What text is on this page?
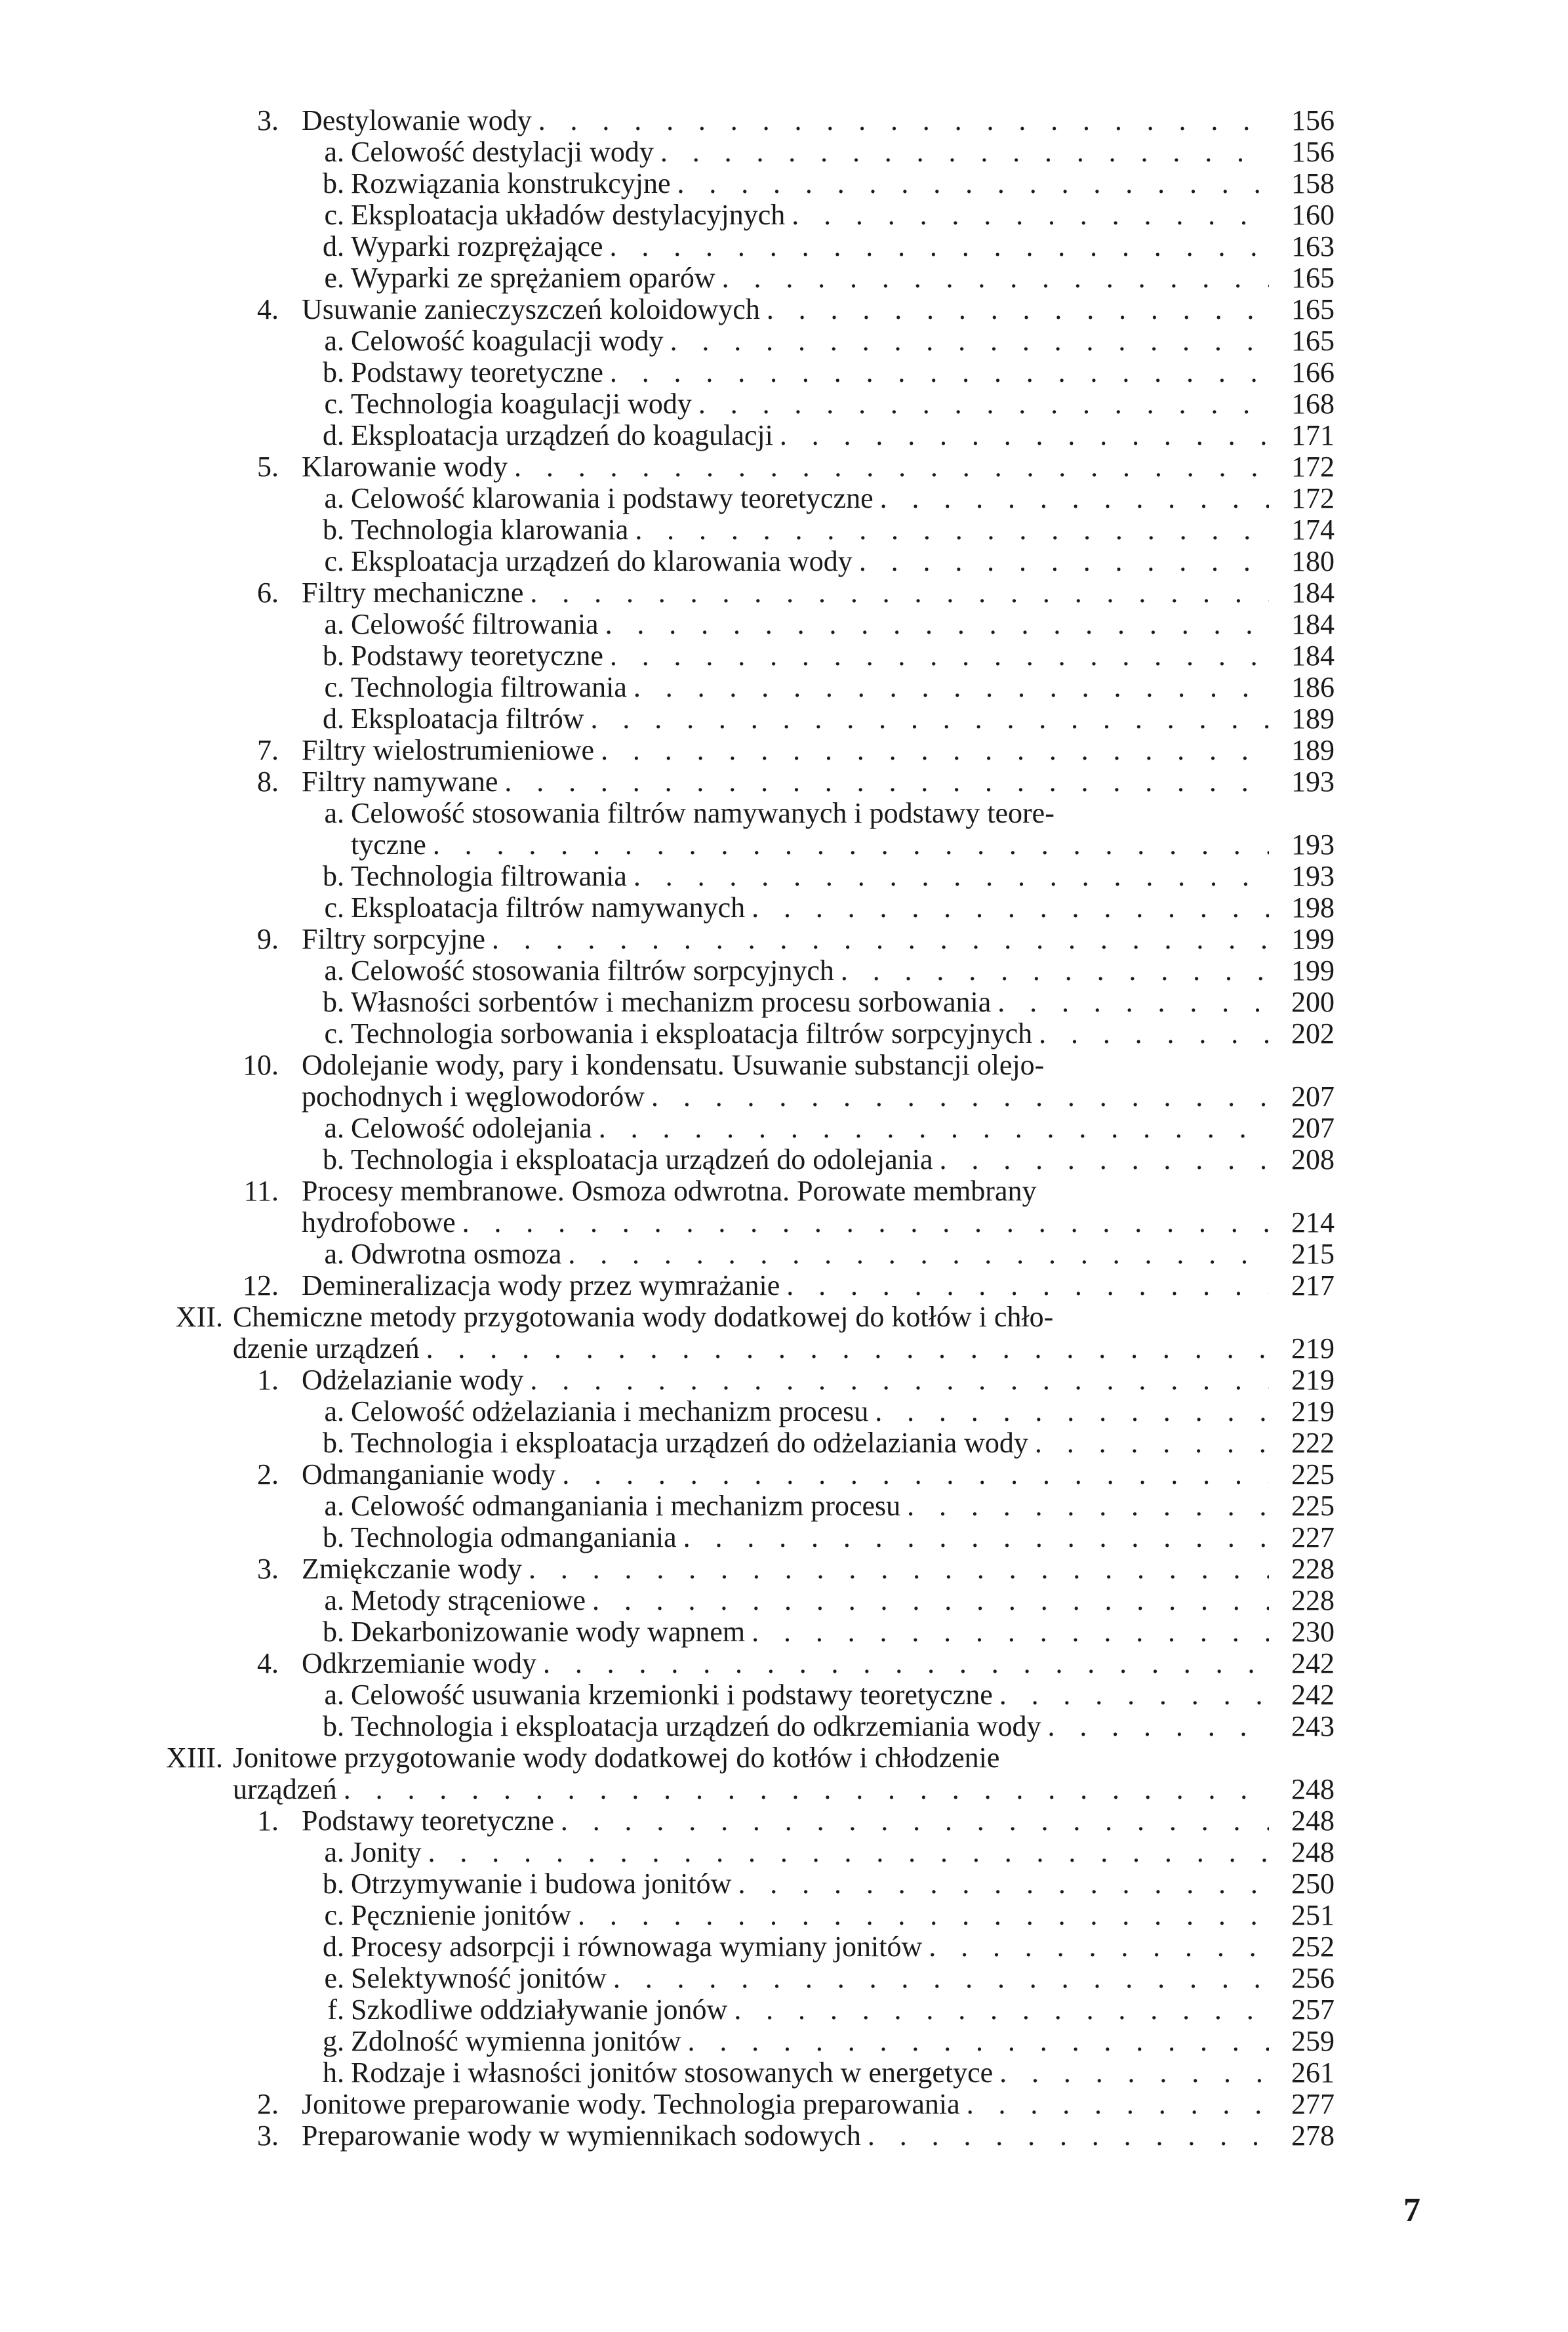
3. Destylowanie wody .....	156
a. Celowość destylacji wody .....	156
b. Rozwiązania konstrukcyjne .....	158
c. Eksploatacja układów destylacyjnych .....	160
d. Wyparki rozprężające .....	163
e. Wyparki ze sprężaniem oparów .....	165
4. Usuwanie zanieczyszczeń koloidowych .....	165
a. Celowość koagulacji wody .....	165
b. Podstawy teoretyczne .....	166
c. Technologia koagulacji wody .....	168
d. Eksploatacja urządzeń do koagulacji .....	171
5. Klarowanie wody .....	172
a. Celowość klarowania i podstawy teoretyczne .....	172
b. Technologia klarowania .....	174
c. Eksploatacja urządzeń do klarowania wody .....	180
6. Filtry mechaniczne .....	184
a. Celowość filtrowania .....	184
b. Podstawy teoretyczne .....	184
c. Technologia filtrowania .....	186
d. Eksploatacja filtrów .....	189
7. Filtry wielostrumieniowe .....	189
8. Filtry namywane .....	193
a. Celowość stosowania filtrów namywanych i podstawy teore-
tyczne .....	193
b. Technologia filtrowania .....	193
c. Eksploatacja filtrów namywanych .....	198
9. Filtry sorpcyjne .....	199
a. Celowość stosowania filtrów sorpcyjnych .....	199
b. Własności sorbentów i mechanizm procesu sorbowania .....	200
c. Technologia sorbowania i eksploatacja filtrów sorpcyjnych .....	202
10. Odolejanie wody, pary i kondensatu. Usuwanie substancji olejo-
pochodnych i węglowodorów .....	207
a. Celowość odolejania .....	207
b. Technologia i eksploatacja urządzeń do odolejania .....	208
11. Procesy membranowe. Osmoza odwrotna. Porowate membrany
hydrofobowe .....	214
a. Odwrotna osmoza .....	215
12. Demineralizacja wody przez wymrażanie .....	217
XII. Chemiczne metody przygotowania wody dodatkowej do kotłów i chło-
dzenie urządzeń .....	219
1. Odżelazianie wody .....	219
a. Celowość odżelaziania i mechanizm procesu .....	219
b. Technologia i eksploatacja urządzeń do odżelaziania wody .....	222
2. Odmanganianie wody .....	225
a. Celowość odmanganiania i mechanizm procesu .....	225
b. Technologia odmanganiania .....	227
3. Zmiękczanie wody .....	228
a. Metody strąceniowe .....	228
b. Dekarbonizowanie wody wapnem .....	230
4. Odkrzemianie wody .....	242
a. Celowość usuwania krzemionki i podstawy teoretyczne .....	242
b. Technologia i eksploatacja urządzeń do odkrzemiania wody .....	243
XIII. Jonitowe przygotowanie wody dodatkowej do kotłów i chłodzenie
urządzeń .....	248
1. Podstawy teoretyczne .....	248
a. Jonity .....	248
b. Otrzymywanie i budowa jonitów .....	250
c. Pęcznienie jonitów .....	251
d. Procesy adsorpcji i równowaga wymiany jonitów .....	252
e. Selektywność jonitów .....	256
f. Szkodliwe oddziaływanie jonów .....	257
g. Zdolność wymienna jonitów .....	259
h. Rodzaje i własności jonitów stosowanych w energetyce .....	261
2. Jonitowe preparowanie wody. Technologia preparowania .....	277
3. Preparowanie wody w wymiennikach sodowych .....	278
7
